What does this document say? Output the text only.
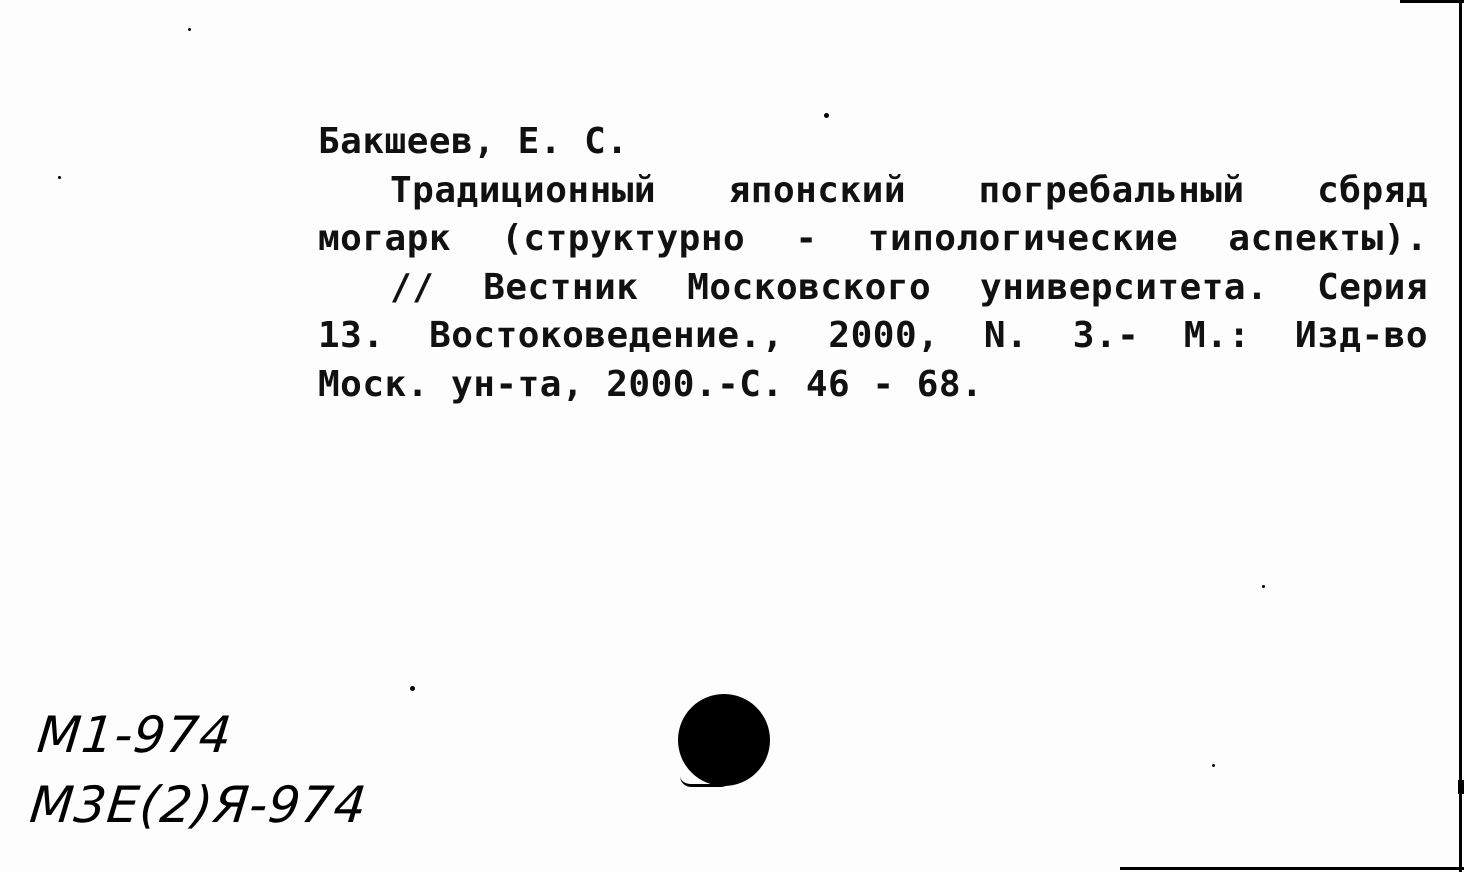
Бакшеев, Е. С.
Традиционный японский погребальный сбряд
могарк (структурно - типологические аспекты).
// Вестник Московского университета. Серия
13. Востоковедение., 2000, N. 3.- М.: Изд-во
Моск. ун-та, 2000.-С. 46 - 68.
М1-974
М3Е(2)Я-974
